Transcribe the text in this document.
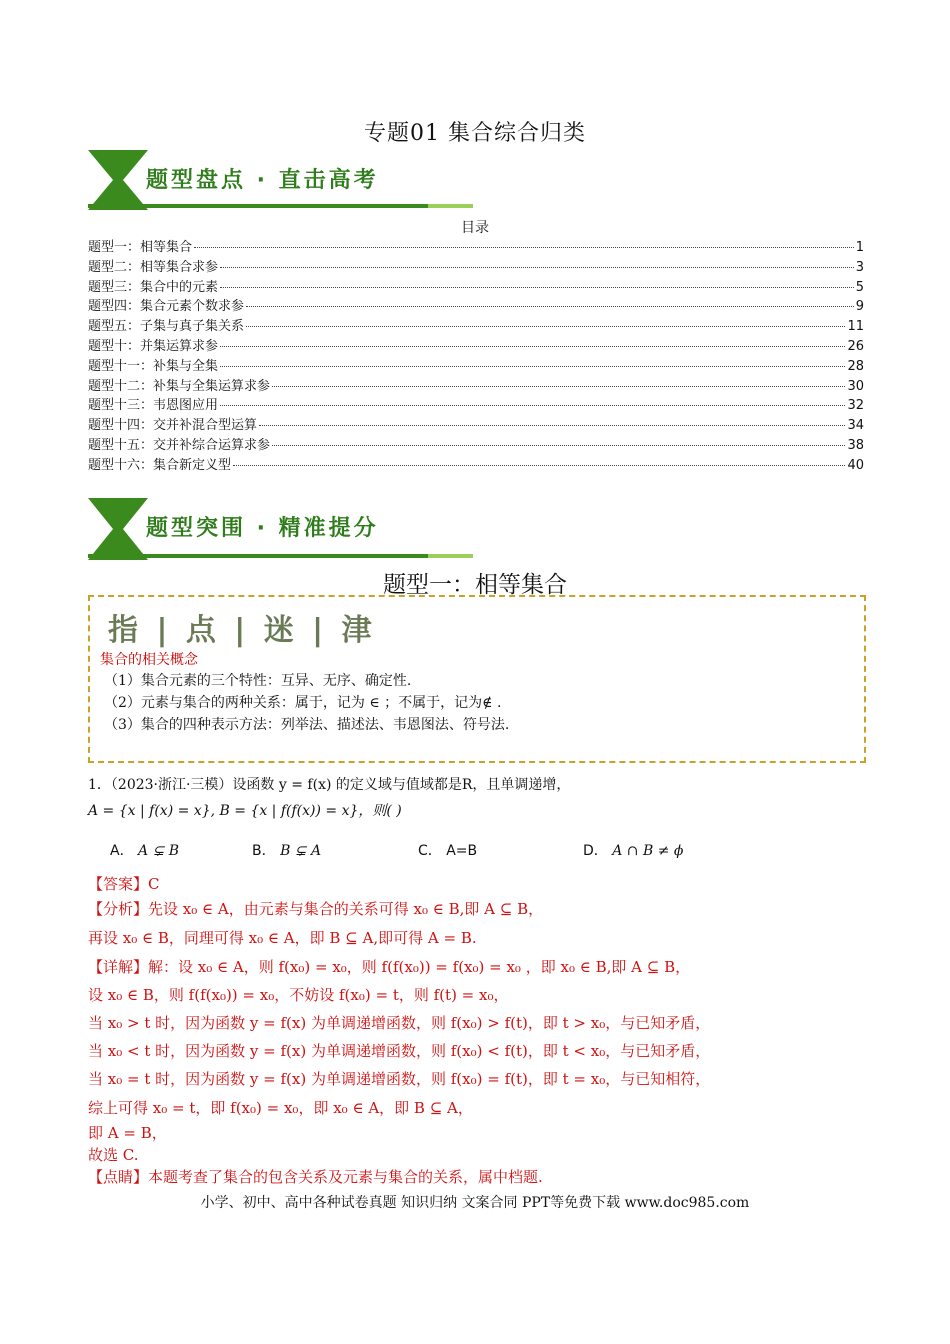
专题01 集合综合归类
题型盘点 · 直击高考
目录
题型一：相等集合	1
题型二：相等集合求参	3
题型三：集合中的元素	5
题型四：集合元素个数求参	9
题型五：子集与真子集关系	11
题型十：并集运算求参	26
题型十一：补集与全集	28
题型十二：补集与全集运算求参	30
题型十三：韦恩图应用	32
题型十四：交并补混合型运算	34
题型十五：交并补综合运算求参	38
题型十六：集合新定义型	40
题型突围 · 精准提分
题型一：相等集合
指 | 点 | 迷 | 津
集合的相关概念
（1）集合元素的三个特性：互异、无序、确定性.
（2）元素与集合的两种关系：属于，记为 ∈ ；不属于，记为∉ .
（3）集合的四种表示方法：列举法、描述法、韦恩图法、符号法.
1．（2023·浙江·三模）设函数 y = f(x) 的定义域与值域都是R，且单调递增，
A = {x | f(x) = x}, B = {x | f(f(x)) = x}，则( )
A． A ⊊ B	B． B ⊊ A	C． A=B	D． A ∩ B ≠ ϕ
【答案】C
【分析】先设 x₀ ∈ A，由元素与集合的关系可得 x₀ ∈ B,即 A ⊆ B，
再设 x₀ ∈ B，同理可得 x₀ ∈ A，即 B ⊆ A,即可得 A = B.
【详解】解：设 x₀ ∈ A，则 f(x₀) = x₀，则 f(f(x₀)) = f(x₀) = x₀ ，即 x₀ ∈ B,即 A ⊆ B，
设 x₀ ∈ B，则 f(f(x₀)) = x₀，不妨设 f(x₀) = t，则 f(t) = x₀，
当 x₀ > t 时，因为函数 y = f(x) 为单调递增函数，则 f(x₀) > f(t)，即 t > x₀，与已知矛盾，
当 x₀ < t 时，因为函数 y = f(x) 为单调递增函数，则 f(x₀) < f(t)，即 t < x₀，与已知矛盾，
当 x₀ = t 时，因为函数 y = f(x) 为单调递增函数，则 f(x₀) = f(t)，即 t = x₀，与已知相符，
综上可得 x₀ = t，即 f(x₀) = x₀，即 x₀ ∈ A，即 B ⊆ A，
即 A = B，
故选 C.
【点睛】本题考查了集合的包含关系及元素与集合的关系，属中档题.
小学、初中、高中各种试卷真题 知识归纳 文案合同 PPT等免费下载 www.doc985.com
